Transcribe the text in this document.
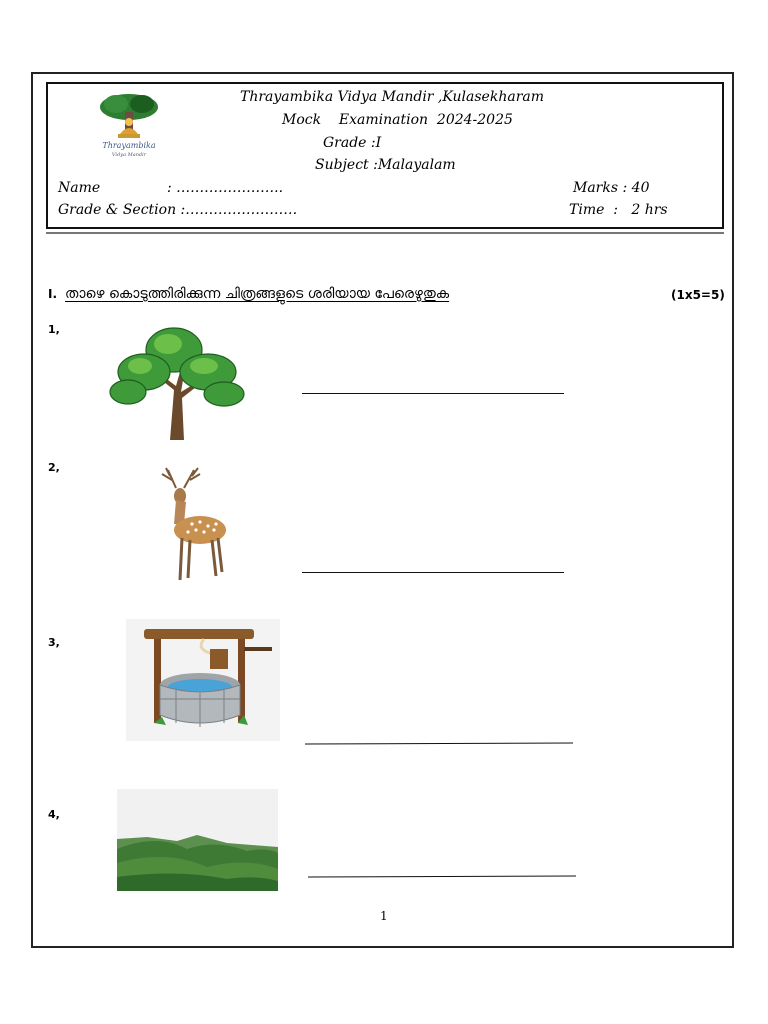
Thrayambika
Vidya Mandir
Thrayambika Vidya Mandir ,Kulasekharam
Mock    Examination  2024-2025
Grade :I
Subject :Malayalam
Name	: …………………..	Marks : 40
Grade & Section :……………………	Time  :   2 hrs
I. താഴെ കൊടുത്തിരിക്കുന്ന ചിത്രങ്ങളുടെ ശരിയായ പേരെഴുതുക	(1x5=5)
1,
2,
3,
4,
1
